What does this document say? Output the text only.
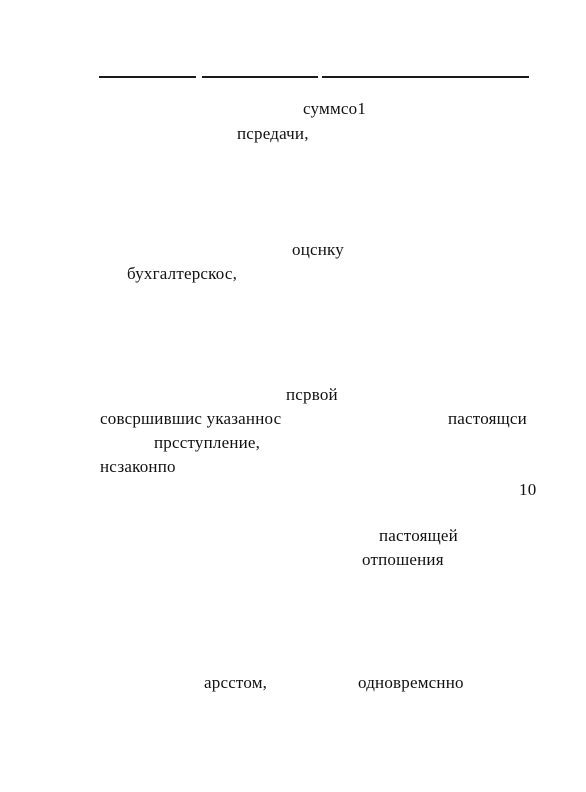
суммсо1
псредачи,
оцснку
бухгалтерскос,
псрвой
совсршившис указаннос	пастоящси
прсступление,
нсзаконпо
10
пастоящей
отпошения
арсстом,	одновремснно
